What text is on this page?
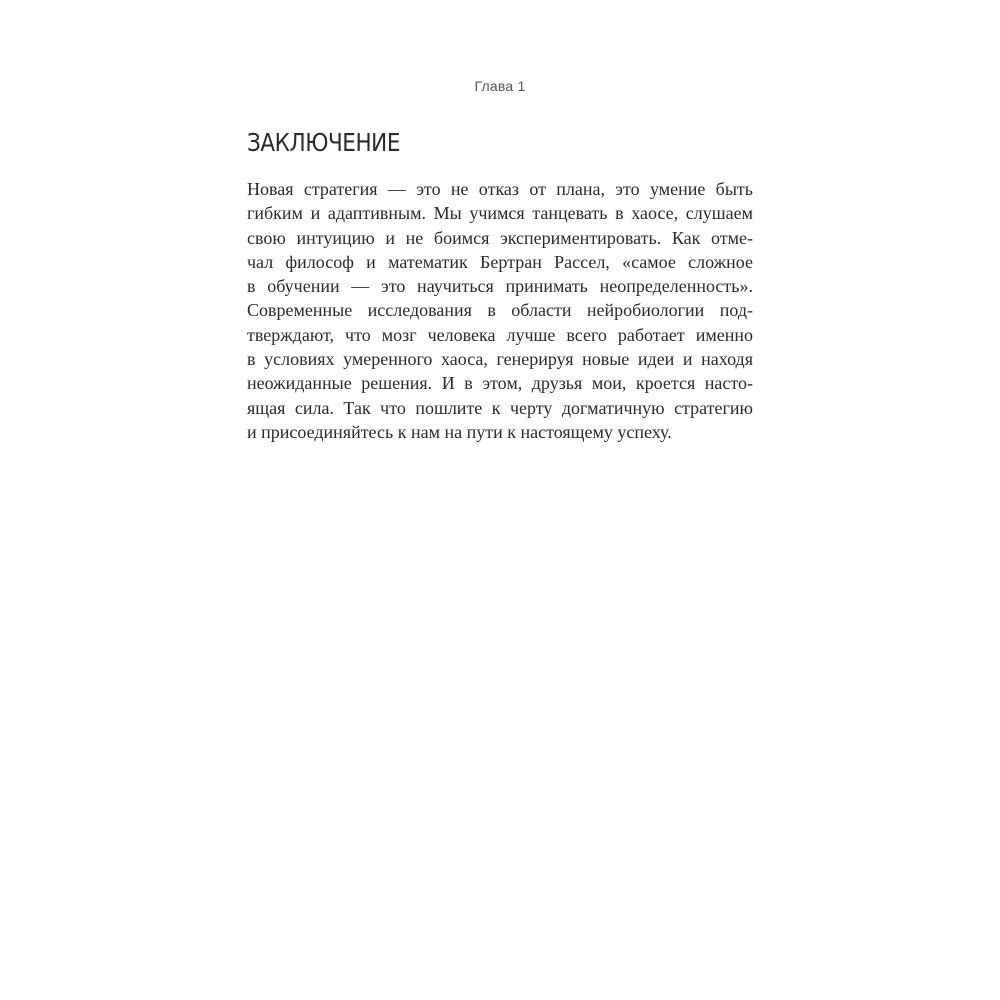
Глава 1
ЗАКЛЮЧЕНИЕ
Новая стратегия — это не отказ от плана, это умение быть
гибким и адаптивным. Мы учимся танцевать в хаосе, слушаем
свою интуицию и не боимся экспериментировать. Как отме-
чал философ и математик Бертран Рассел, «самое сложное
в обучении — это научиться принимать неопределенность».
Современные исследования в области нейробиологии под-
тверждают, что мозг человека лучше всего работает именно
в условиях умеренного хаоса, генерируя новые идеи и находя
неожиданные решения. И в этом, друзья мои, кроется насто-
ящая сила. Так что пошлите к черту догматичную стратегию
и присоединяйтесь к нам на пути к настоящему успеху.
